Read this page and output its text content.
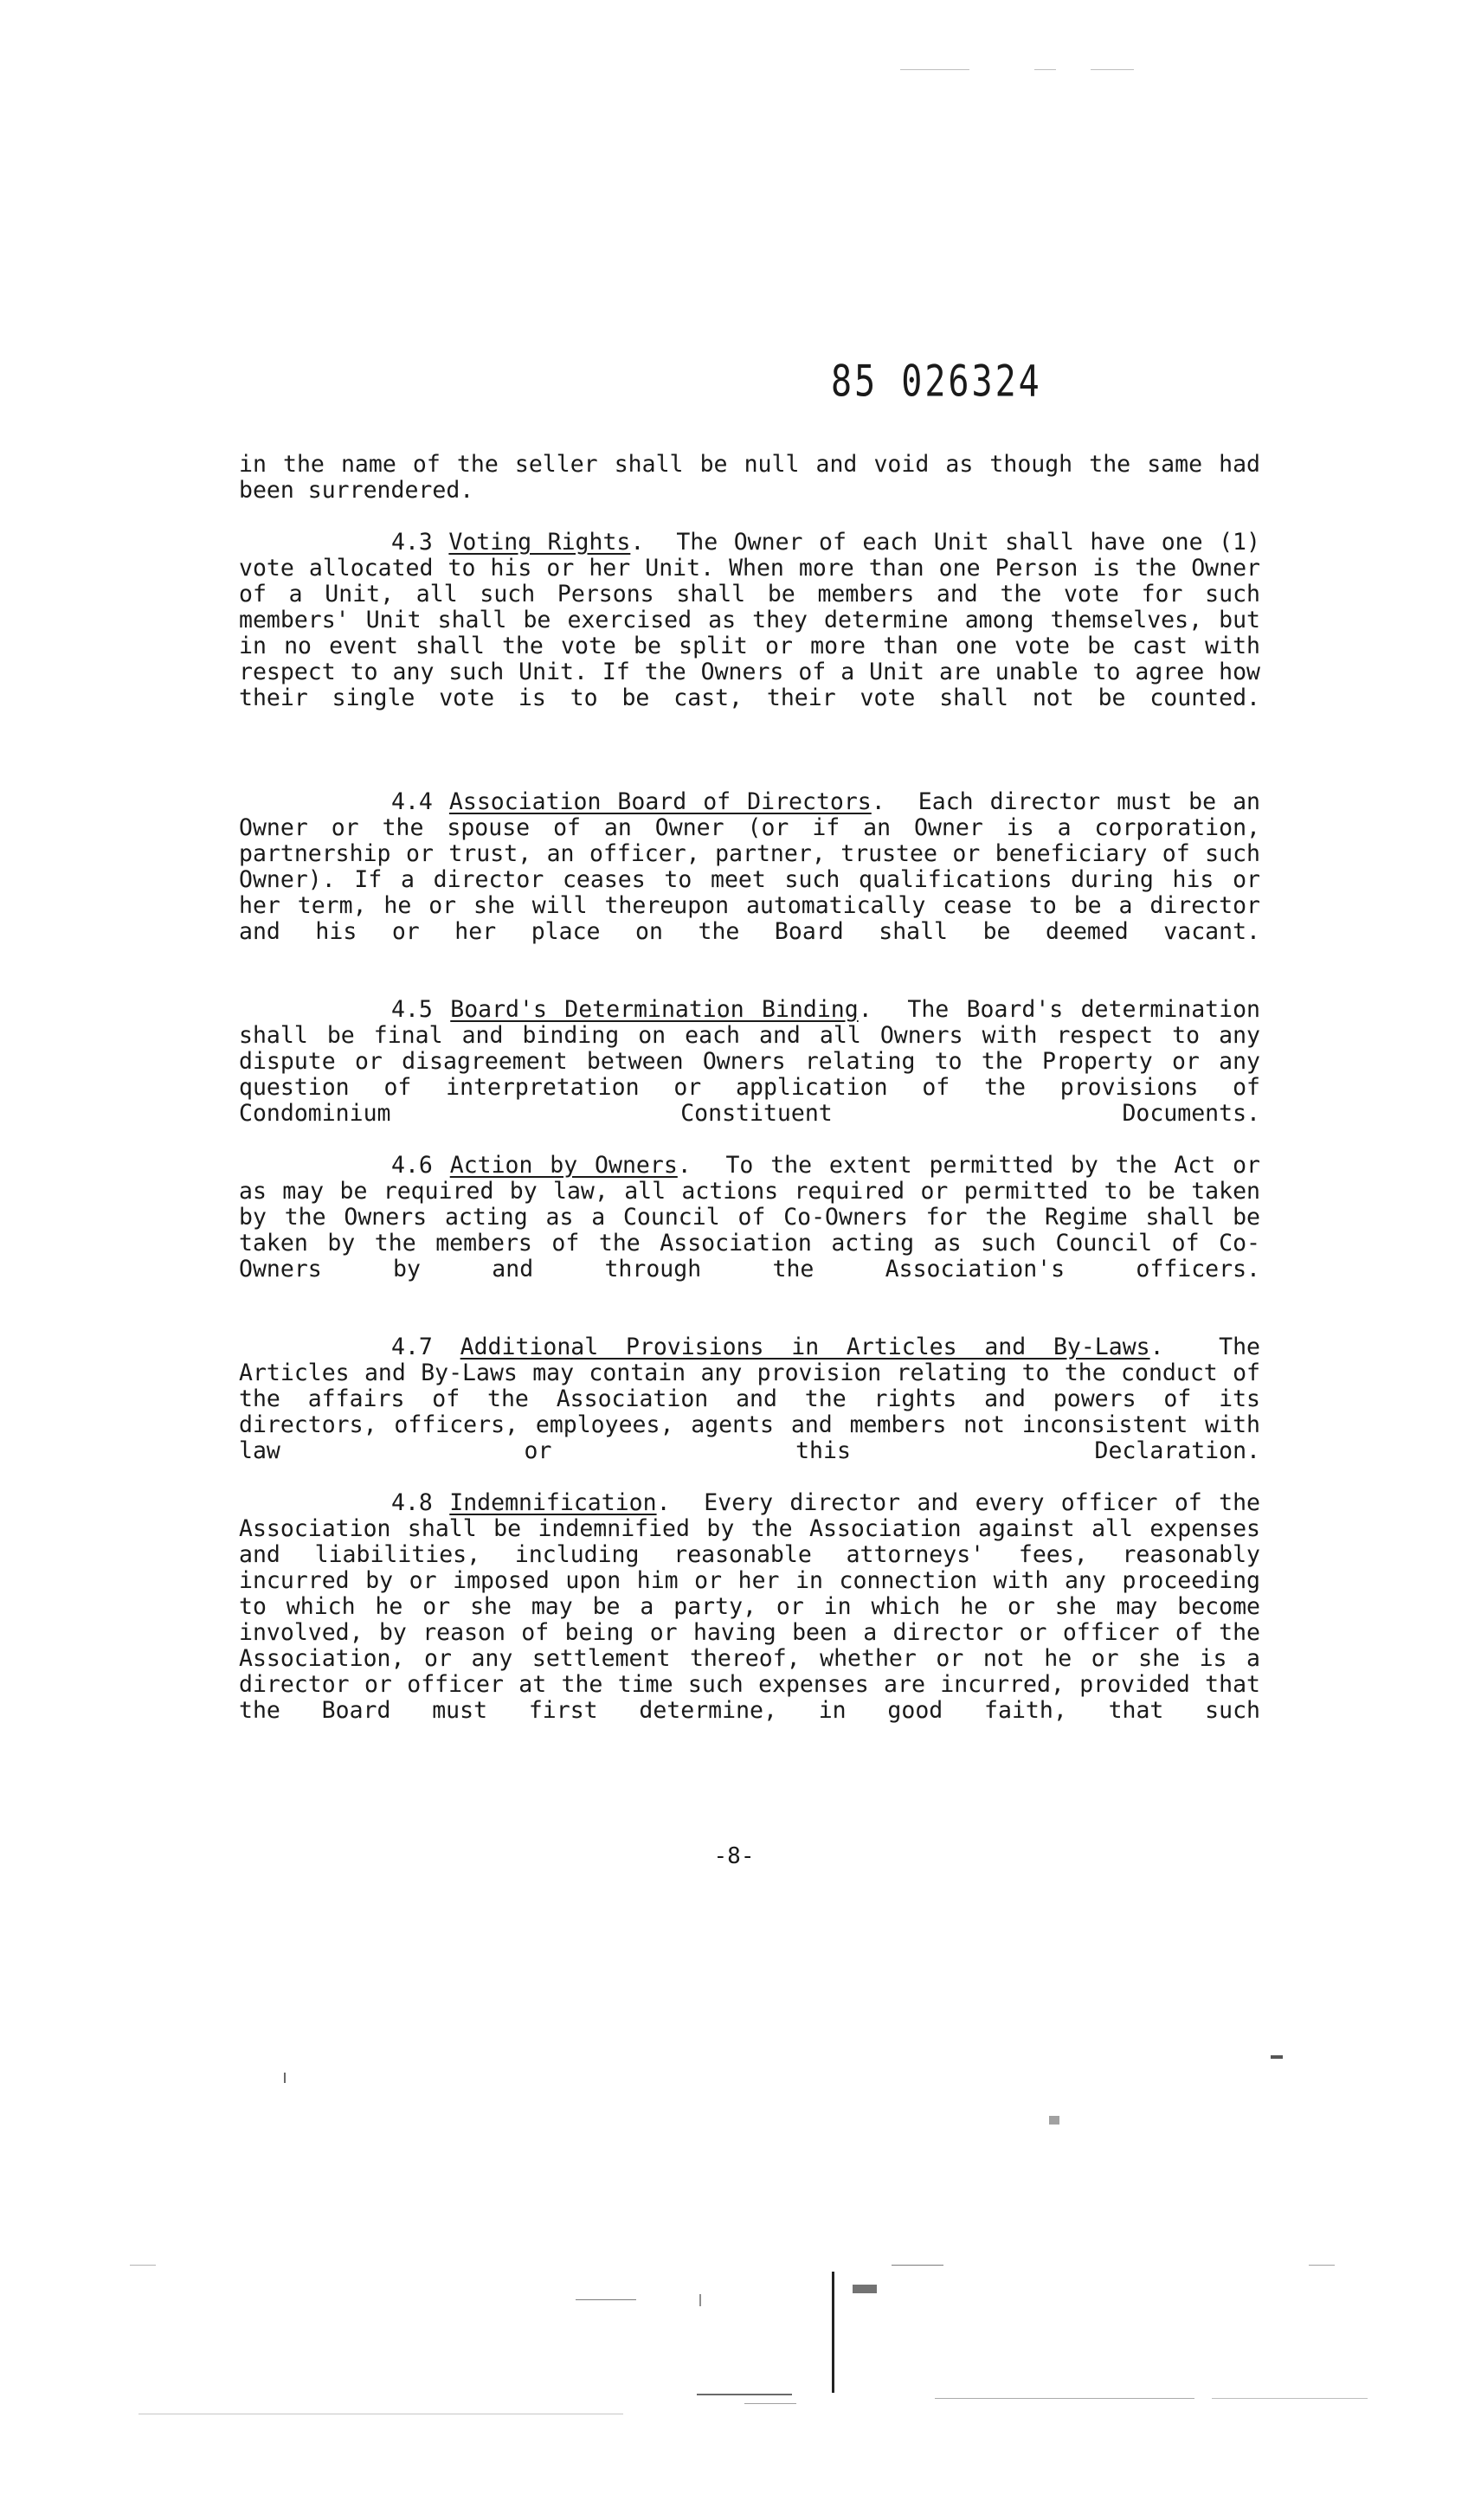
85 026324
in the name of the seller shall be null and void as though the same had been surrendered.
4.3 Voting Rights.  The Owner of each Unit shall have one (1) vote allocated to his or her Unit. When more than one Person is the Owner of a Unit, all such Persons shall be members and the vote for such members' Unit shall be exercised as they determine among themselves, but in no event shall the vote be split or more than one vote be cast with respect to any such Unit. If the Owners of a Unit are unable to agree how their single vote is to be cast, their vote shall not be counted.
4.4 Association Board of Directors.  Each director must be an Owner or the spouse of an Owner (or if an Owner is a corporation, partnership or trust, an officer, partner, trustee or beneficiary of such Owner). If a director ceases to meet such qualifications during his or her term, he or she will thereupon automatically cease to be a director and his or her place on the Board shall be deemed vacant.
4.5 Board's Determination Binding.  The Board's determination shall be final and binding on each and all Owners with respect to any dispute or disagreement between Owners relating to the Property or any question of interpretation or application of the provisions of Condominium Constituent Documents.
4.6 Action by Owners.  To the extent permitted by the Act or as may be required by law, all actions required or permitted to be taken by the Owners acting as a Council of Co-Owners for the Regime shall be taken by the members of the Association acting as such Council of Co-Owners by and through the Association's officers.
4.7 Additional Provisions in Articles and By-Laws.  The Articles and By-Laws may contain any provision relating to the conduct of the affairs of the Association and the rights and powers of its directors, officers, employees, agents and members not inconsistent with law or this Declaration.
4.8 Indemnification.  Every director and every officer of the Association shall be indemnified by the Association against all expenses and liabilities, including reasonable attorneys' fees, reasonably incurred by or imposed upon him or her in connection with any proceeding to which he or she may be a party, or in which he or she may become involved, by reason of being or having been a director or officer of the Association, or any settlement thereof, whether or not he or she is a director or officer at the time such expenses are incurred, provided that the Board must first determine, in good faith, that such
-8-
